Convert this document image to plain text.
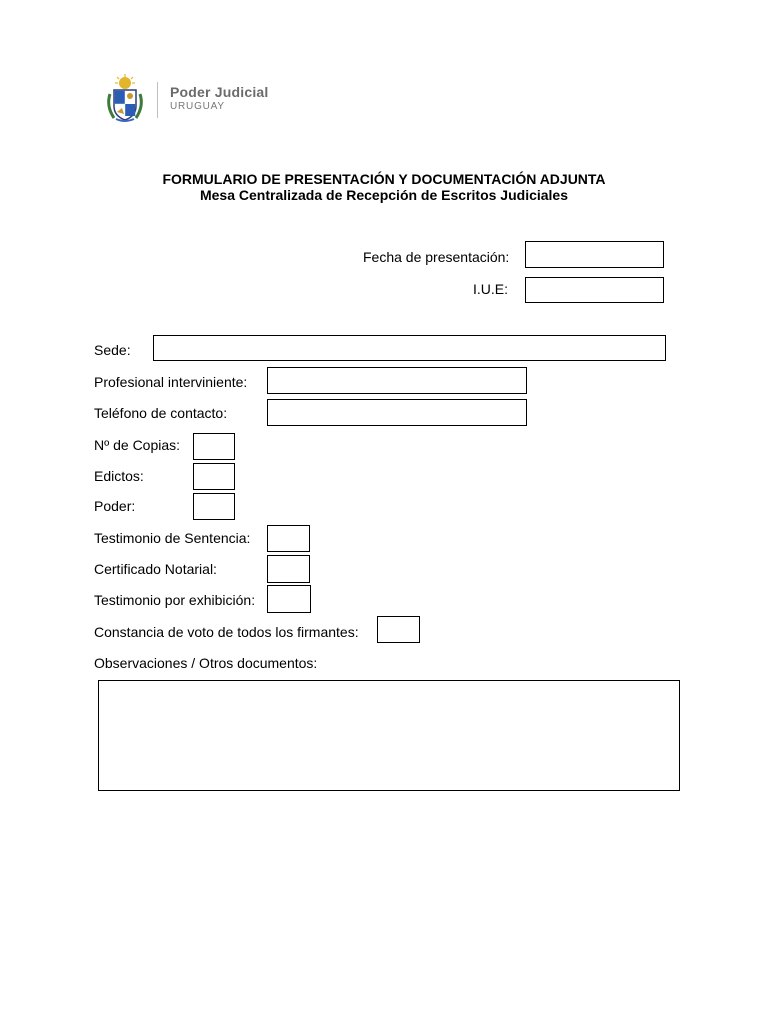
Poder Judicial
URUGUAY
FORMULARIO DE PRESENTACIÓN Y DOCUMENTACIÓN ADJUNTA
Mesa Centralizada de Recepción de Escritos Judiciales
Fecha de presentación:
I.U.E:
Sede:
Profesional interviniente:
Teléfono de contacto:
Nº de Copias:
Edictos:
Poder:
Testimonio de Sentencia:
Certificado Notarial:
Testimonio por exhibición:
Constancia de voto de todos los firmantes:
Observaciones / Otros documentos:
